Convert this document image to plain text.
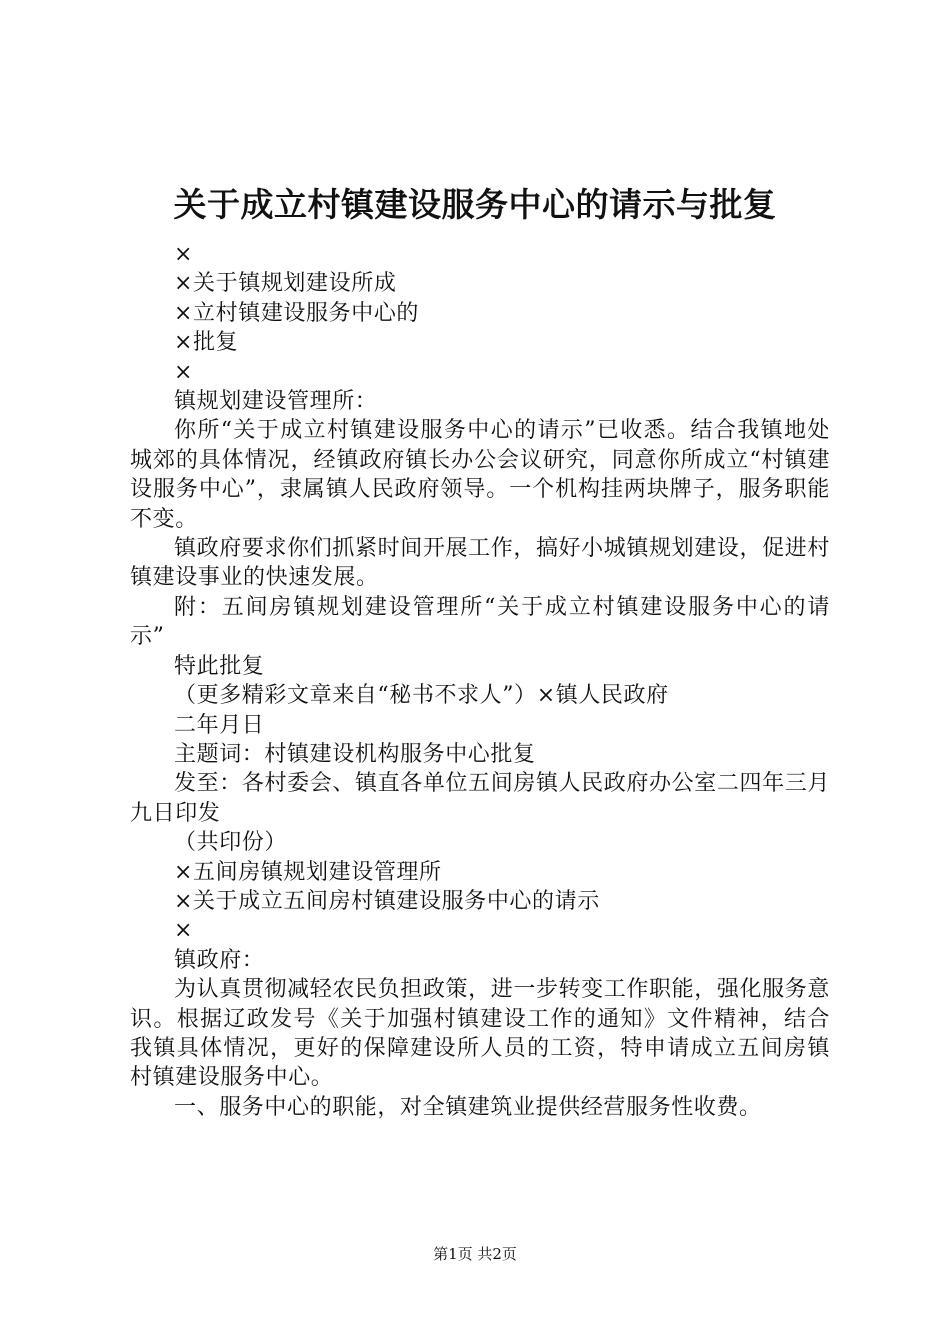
关于成立村镇建设服务中心的请示与批复

×

×关于镇规划建设所成

×立村镇建设服务中心的

×批复

×

镇规划建设管理所：

你所“关于成立村镇建设服务中心的请示”已收悉。结合我镇地处城郊的具体情况，经镇政府镇长办公会议研究，同意你所成立“村镇建设服务中心”，隶属镇人民政府领导。一个机构挂两块牌子，服务职能不变。

镇政府要求你们抓紧时间开展工作，搞好小城镇规划建设，促进村镇建设事业的快速发展。

附：五间房镇规划建设管理所“关于成立村镇建设服务中心的请示”

特此批复

（更多精彩文章来自“秘书不求人”）×镇人民政府

二年月日

主题词：村镇建设机构服务中心批复

发至：各村委会、镇直各单位五间房镇人民政府办公室二四年三月九日印发

（共印份）

×五间房镇规划建设管理所

×关于成立五间房村镇建设服务中心的请示

×

镇政府：

为认真贯彻减轻农民负担政策，进一步转变工作职能，强化服务意识。根据辽政发号《关于加强村镇建设工作的通知》文件精神，结合我镇具体情况，更好的保障建设所人员的工资，特申请成立五间房镇村镇建设服务中心。

一、服务中心的职能，对全镇建筑业提供经营服务性收费。

第1页 共2页
